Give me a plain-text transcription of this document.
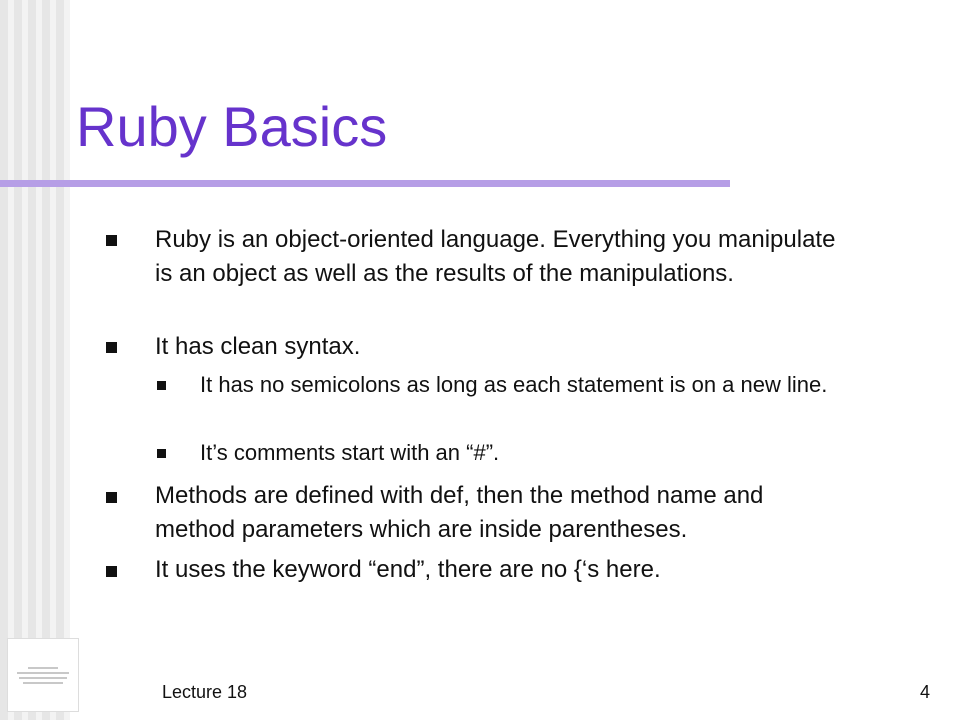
Ruby Basics
Ruby is an object-oriented language. Everything you manipulate is an object as well as the results of the manipulations.
It has clean syntax.
It has no semicolons as long as each statement is on a new line.
It’s comments start with an “#”.
Methods are defined with def, then the method name and method parameters which are inside parentheses.
It uses the keyword “end”, there are no {‘s here.
Lecture 18	4
